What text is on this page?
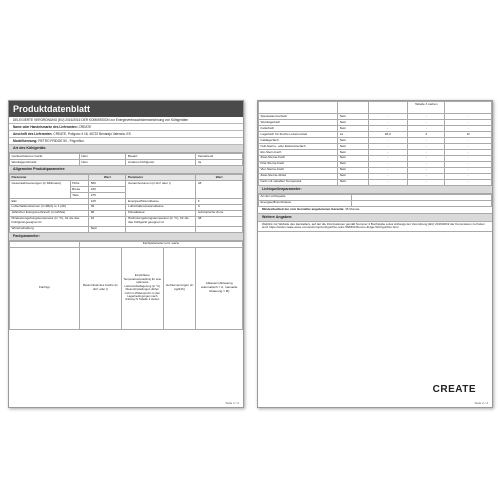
Produktdatenblatt
DELEGIERTE VERORDNUNG (EU) 2016/2016 DER KOMMISSION zur Energieverbrauchskennzeichnung von Kühlgeräten
Name oder Handelsmarke des Lieferanten: CREATE
Anschrift des Lieferanten: CREATE, Polígono 4 18, 46722 Benarajú Valencia, ES
Modellkennung: RETRO FRIDGE 50 - Frigorífico
Art des Kühlgeräts:
Geräuscharmes Gerät:	Nein	Bauart:	freistehend
Weinlagerschrank:	Nein	Anderes Kühlgerät:	Ja
Allgemeine Produktparameter:
Parameter		Wert	Parameter	Wert
Gesamtabmessungen (in Millimeter)	Höhe	500	Gesamtvolumen (in dm³ oder l)	48
	Breite	430		
	Tiefe	475		
EEI		125	Energieeffizienzklasse	F
Luftschallemissionen (in dB(A) re 1 pW)		39	Luftschallemissionsklasse	C
Jährlicher Energieverbrauch (in kWh/a)		99	Klimaklasse:	subtropische Zone
Mindestumgebungstemperatur (in °C), für die das Kühlgerät geeignet ist		16	Höchstumgebungstemperatur (in °C), für die das Kühlgerät geeignet ist	38
Winterschaltung		Nein		
Fachparameter:
	Fachparameter und -werte			
Fachtyp	Rauminhalt des Fachs (in dm³ oder l)	Empfohlene Temperatureinstellung für eine optimierte Lebensmittellagerung (in °C) Diese Einstellungen dürfen nicht im Widerspruch zu den Lagerbedingungen nach Anhang IV Tabelle 3 stehen	Gefriervermögen (in kg/24h)	Abtauart (Abtauung automatisch = A, manuelle Abtauung = M)
Seite 1 / 2
			Tabelle 3 stehen	
Speisekammerfach	Nein	-	-	-
Weinlagerfach	Nein	-	-	-
Kellerfach	Nein	-	-	-
Lagerfach für frische Lebensmittel	Ja	48,0	4	M
Kaltlagerfach	Nein	-	-	-
Null-Sterne- oder Eisbereiterfach	Nein	-	-	-
Ein-Stern-Fach	Nein	-	-	-
Zwei-Sterne-Fach	Nein	-	-	-
Drei-Sterne-Fach	Nein	-	-	-
Vier-Sterne-Fach	Nein	-	-	-
Zwei-Sterne-Abteil	Nein	-	-	-
Fach mit variabler Temperatur	Nein	-	-	-
Lichtquellenparameter:
Art der Lichtquelle	
Energieeffizienzklasse	
Mindestlaufzeit der vom Hersteller angebotenen Garantie: 36 Monate
Weitere Angaben:
Weblink zur Website des Herstellers, auf der die Informationen gemäß Nummer 4 Buchstabe a des Anhangs der Verordnung (EU) 2019/2019 der Kommission zu finden sind: https://www.create-store.com/es/comprar-frigorífico-retro-50/RK046-retro-fridge-50-frigorífico.html
CREATE
Seite 2 / 2
